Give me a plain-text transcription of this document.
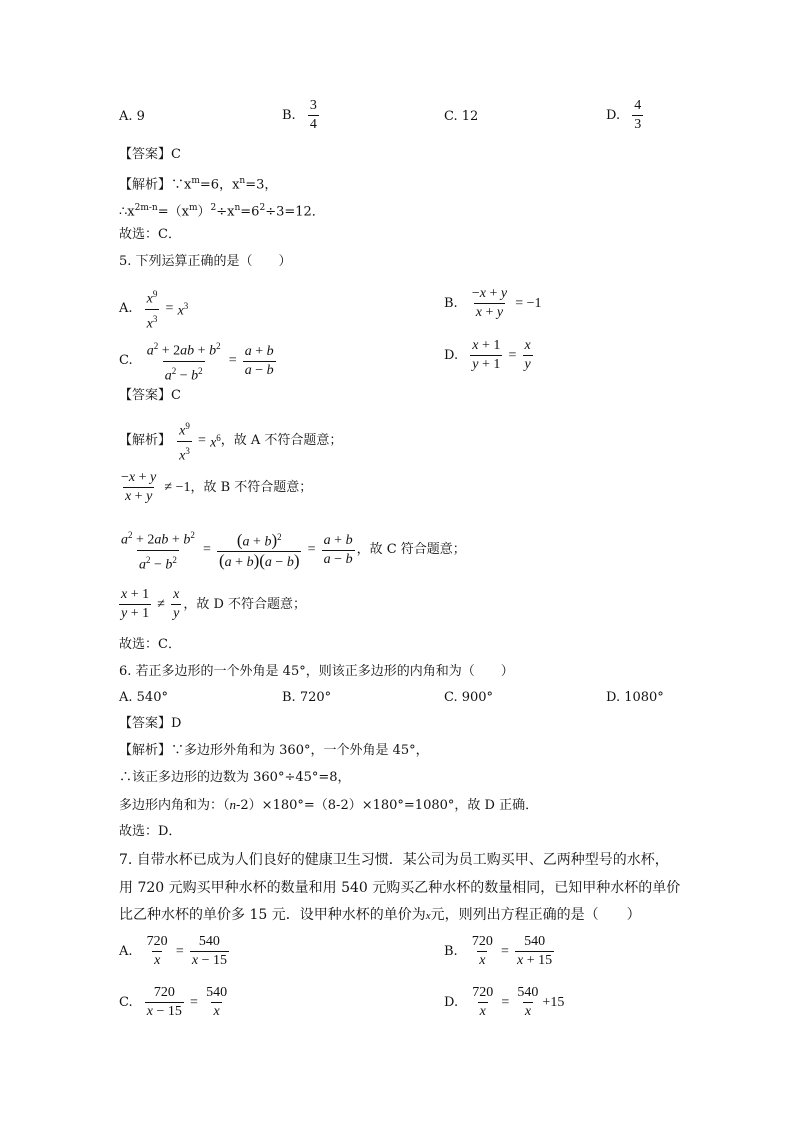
A. 9	B. $\frac{3}{4}$	C. 12	D. $\frac{4}{3}$
【答案】C
【解析】$\because x^m=6$，$x^n=3$，
$\therefore x^{2m-n}=(x^m)^2\div x^n=6^2\div 3=12$．
故选：C．
5. 下列运算正确的是（　　）
A. $\frac{x^9}{x^3} = x^3$	B. $\frac{-x + y}{x + y} = -1$
C. $\frac{a^2 + 2ab + b^2}{a^2 - b^2} = \frac{a + b}{a - b}$	D. $\frac{x + 1}{y + 1} = \frac{x}{y}$
【答案】C
【解析】 $\frac{x^9}{x^3} = x^6$，故 A 不符合题意；
$\frac{-x + y}{x + y} \ne -1$，故 B 不符合题意；
$\frac{a^2 + 2ab + b^2}{a^2 - b^2} = \frac{(a + b)^2}{(a + b)(a - b)} = \frac{a + b}{a - b}$ ，故 C 符合题意；
$\frac{x + 1}{y + 1} \ne \frac{x}{y}$ ，故 D 不符合题意；
故选：C．
6. 若正多边形的一个外角是 45°，则该正多边形的内角和为（　　）
A. 540°	B. 720°	C. 900°	D. 1080°
【答案】D
【解析】∵多边形外角和为 360°，一个外角是 45°，
∴该正多边形的边数为 360°÷45°=8，
多边形内角和为：（n-2）×180°=（8-2）×180°=1080°，故 D 正确．
故选：D．
7. 自带水杯已成为人们良好的健康卫生习惯．某公司为员工购买甲、乙两种型号的水杯，
用 720 元购买甲种水杯的数量和用 540 元购买乙种水杯的数量相同，已知甲种水杯的单价
比乙种水杯的单价多 15 元．设甲种水杯的单价为x元，则列出方程正确的是（　　）
A. $\frac{720}{x} = \frac{540}{x - 15}$	B. $\frac{720}{x} = \frac{540}{x + 15}$
C. $\frac{720}{x - 15} = \frac{540}{x}$	D. $\frac{720}{x} = \frac{540}{x} +15$
